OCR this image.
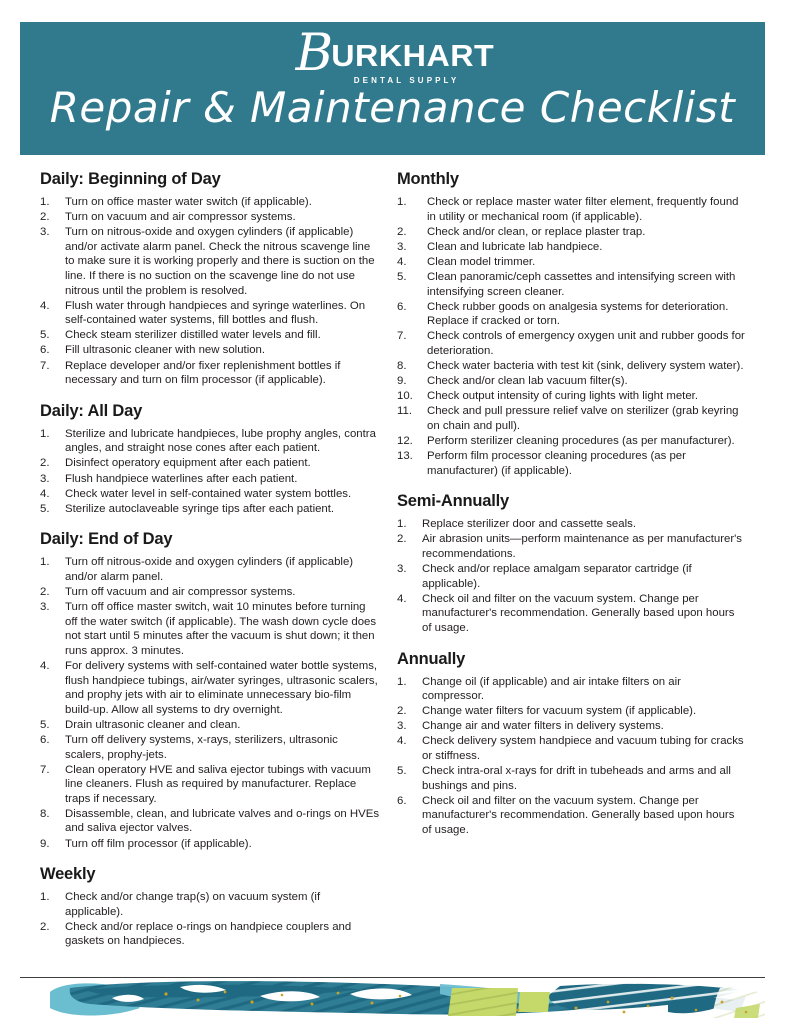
B URKHART
DENTAL SUPPLY
Repair & Maintenance Checklist
Daily: Beginning of Day
1.	Turn on office master water switch (if applicable).
2.	Turn on vacuum and air compressor systems.
3.	Turn on nitrous-oxide and oxygen cylinders (if applicable) and/or activate alarm panel. Check the nitrous scavenge line to make sure it is working properly and there is suction on the line. If there is no suction on the scavenge line do not use nitrous until the problem is resolved.
4.	Flush water through handpieces and syringe waterlines. On self-contained water systems, fill bottles and flush.
5.	Check steam sterilizer distilled water levels and fill.
6.	Fill ultrasonic cleaner with new solution.
7.	Replace developer and/or fixer replenishment bottles if necessary and turn on film processor (if applicable).
Daily: All Day
1.	Sterilize and lubricate handpieces, lube prophy angles, contra angles, and straight nose cones after each patient.
2.	Disinfect operatory equipment after each patient.
3.	Flush handpiece waterlines after each patient.
4.	Check water level in self-contained water system bottles.
5.	Sterilize autoclaveable syringe tips after each patient.
Daily: End of Day
1.	Turn off nitrous-oxide and oxygen cylinders (if applicable) and/or alarm panel.
2.	Turn off vacuum and air compressor systems.
3.	Turn off office master switch, wait 10 minutes before turning off the water switch (if applicable). The wash down cycle does not start until 5 minutes after the vacuum is shut down; it then runs approx. 3 minutes.
4.	For delivery systems with self-contained water bottle systems, flush handpiece tubings, air/water syringes, ultrasonic scalers, and prophy jets with air to eliminate unnecessary bio-film build-up. Allow all systems to dry overnight.
5.	Drain ultrasonic cleaner and clean.
6.	Turn off delivery systems, x-rays, sterilizers, ultrasonic scalers, prophy-jets.
7.	Clean operatory HVE and saliva ejector tubings with vacuum line cleaners. Flush as required by manufacturer. Replace traps if necessary.
8.	Disassemble, clean, and lubricate valves and o-rings on HVEs and saliva ejector valves.
9.	Turn off film processor (if applicable).
Weekly
1.	Check and/or change trap(s) on vacuum system (if applicable).
2.	Check and/or replace o-rings on handpiece couplers and gaskets on handpieces.
Monthly
1.	Check or replace master water filter element, frequently found in utility or mechanical room (if applicable).
2.	Check and/or clean, or replace plaster trap.
3.	Clean and lubricate lab handpiece.
4.	Clean model trimmer.
5.	Clean panoramic/ceph cassettes and intensifying screen with intensifying screen cleaner.
6.	Check rubber goods on analgesia systems for deterioration. Replace if cracked or torn.
7.	Check controls of emergency oxygen unit and rubber goods for deterioration.
8.	Check water bacteria with test kit (sink, delivery system water).
9.	Check and/or clean lab vacuum filter(s).
10.	Check output intensity of curing lights with light meter.
11.	Check and pull pressure relief valve on sterilizer (grab keyring on chain and pull).
12.	Perform sterilizer cleaning procedures (as per manufacturer).
13.	Perform film processor cleaning procedures (as per manufacturer) (if applicable).
Semi-Annually
1.	Replace sterilizer door and cassette seals.
2.	Air abrasion units—perform maintenance as per manufacturer's recommendations.
3.	Check and/or replace amalgam separator cartridge (if applicable).
4.	Check oil and filter on the vacuum system. Change per manufacturer's recommendation. Generally based upon hours of usage.
Annually
1.	Change oil (if applicable) and air intake filters on air compressor.
2.	Change water filters for vacuum system (if applicable).
3.	Change air and water filters in delivery systems.
4.	Check delivery system handpiece and vacuum tubing for cracks or stiffness.
5.	Check intra-oral x-rays for drift in tubeheads and arms and all bushings and pins.
6.	Check oil and filter on the vacuum system. Change per manufacturer's recommendation. Generally based upon hours of usage.
